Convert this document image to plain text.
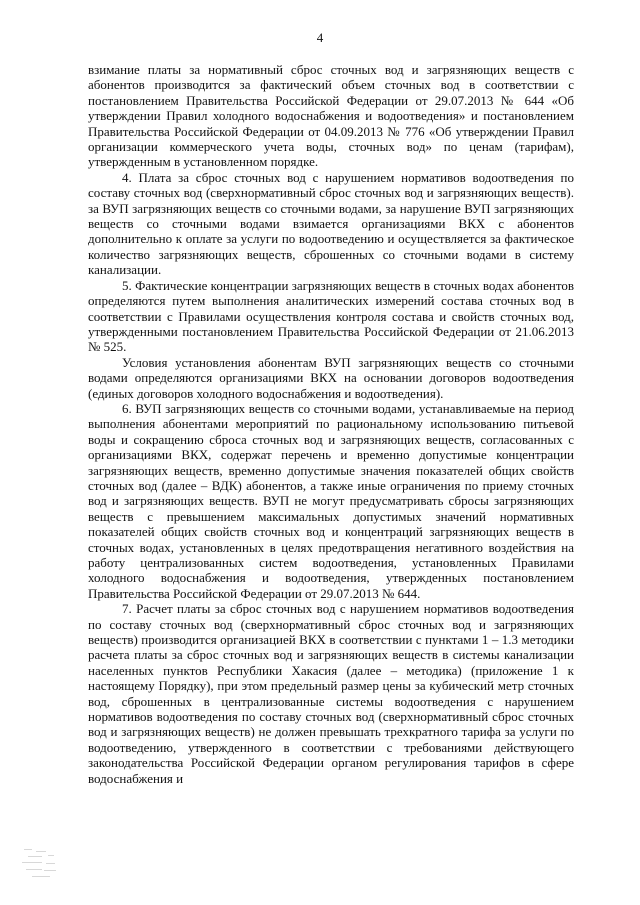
4

взимание платы за нормативный сброс сточных вод и загрязняющих веществ с абонентов производится за фактический объем сточных вод в соответствии с постановлением Правительства Российской Федерации от 29.07.2013 № 644 «Об утверждении Правил холодного водоснабжения и водоотведения» и постановлением Правительства Российской Федерации от 04.09.2013 № 776 «Об утверждении Правил организации коммерческого учета воды, сточных вод» по ценам (тарифам), утвержденным в установленном порядке.

4. Плата за сброс сточных вод с нарушением нормативов водоотведения по составу сточных вод (сверхнормативный сброс сточных вод и загрязняющих веществ). за ВУП загрязняющих веществ со сточными водами, за нарушение ВУП загрязняющих веществ со сточными водами взимается организациями ВКХ с абонентов дополнительно к оплате за услуги по водоотведению и осуществляется за фактическое количество загрязняющих веществ, сброшенных со сточными водами в систему канализации.

5. Фактические концентрации загрязняющих веществ в сточных водах абонентов определяются путем выполнения аналитических измерений состава сточных вод в соответствии с Правилами осуществления контроля состава и свойств сточных вод, утвержденными постановлением Правительства Российской Федерации от 21.06.2013 № 525.

Условия установления абонентам ВУП загрязняющих веществ со сточными водами определяются организациями ВКХ на основании договоров водоотведения (единых договоров холодного водоснабжения и водоотведения).

6. ВУП загрязняющих веществ со сточными водами, устанавливаемые на период выполнения абонентами мероприятий по рациональному использованию питьевой воды и сокращению сброса сточных вод и загрязняющих веществ, согласованных с организациями ВКХ, содержат перечень и временно допустимые концентрации загрязняющих веществ, временно допустимые значения показателей общих свойств сточных вод (далее – ВДК) абонентов, а также иные ограничения по приему сточных вод и загрязняющих веществ. ВУП не могут предусматривать сбросы загрязняющих веществ с превышением максимальных допустимых значений нормативных показателей общих свойств сточных вод и концентраций загрязняющих веществ в сточных водах, установленных в целях предотвращения негативного воздействия на работу централизованных систем водоотведения, установленных Правилами холодного водоснабжения и водоотведения, утвержденных постановлением Правительства Российской Федерации от 29.07.2013 № 644.

7. Расчет платы за сброс сточных вод с нарушением нормативов водоотведения по составу сточных вод (сверхнормативный сброс сточных вод и загрязняющих веществ) производится организацией ВКХ в соответствии с пунктами 1 – 1.3 методики расчета платы за сброс сточных вод и загрязняющих веществ в системы канализации населенных пунктов Республики Хакасия (далее – методика) (приложение 1 к настоящему Порядку), при этом предельный размер цены за кубический метр сточных вод, сброшенных в централизованные системы водоотведения с нарушением нормативов водоотведения по составу сточных вод (сверхнормативный сброс сточных вод и загрязняющих веществ) не должен превышать трехкратного тарифа за услуги по водоотведению, утвержденного в соответствии с требованиями действующего законодательства Российской Федерации органом регулирования тарифов в сфере водоснабжения и
